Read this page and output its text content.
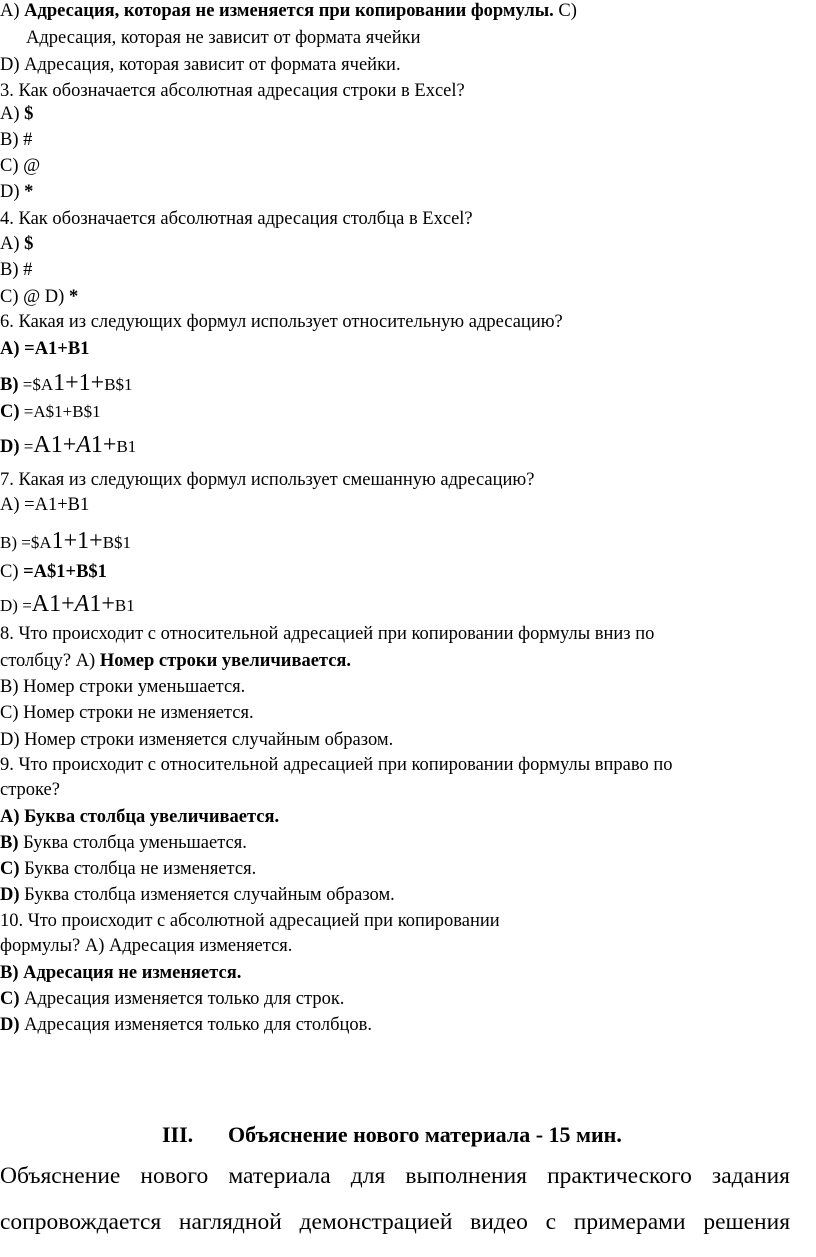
A) Адресация, которая не изменяется при копировании формулы. C)
Адресация, которая не зависит от формата ячейки
D) Адресация, которая зависит от формата ячейки.
3. Как обозначается абсолютная адресация строки в Excel?
A) $
B) #
C) @
D) *
4. Как обозначается абсолютная адресация столбца в Excel?
A) $
B) #
C) @ D) *
6. Какая из следующих формул использует относительную адресацию?
A) =A1+B1
B) =$A1+1+B$1
C) =A$1+B$1
D) =A1+A1+B1
7. Какая из следующих формул использует смешанную адресацию?
A) =A1+B1
B) =$A1+1+B$1
C) =A$1+B$1
D) =A1+A1+B1
8. Что происходит с относительной адресацией при копировании формулы вниз по
столбцу? A) Номер строки увеличивается.
B) Номер строки уменьшается.
C) Номер строки не изменяется.
D) Номер строки изменяется случайным образом.
9. Что происходит с относительной адресацией при копировании формулы вправо по
строке?
A) Буква столбца увеличивается.
B) Буква столбца уменьшается.
C) Буква столбца не изменяется.
D) Буква столбца изменяется случайным образом.
10. Что происходит с абсолютной адресацией при копировании
формулы? A) Адресация изменяется.
B) Адресация не изменяется.
C) Адресация изменяется только для строк.
D) Адресация изменяется только для столбцов.
III. Объяснение нового материала - 15 мин.
Объяснение нового материала для выполнения практического задания
сопровождается наглядной демонстрацией видео с примерами решения
